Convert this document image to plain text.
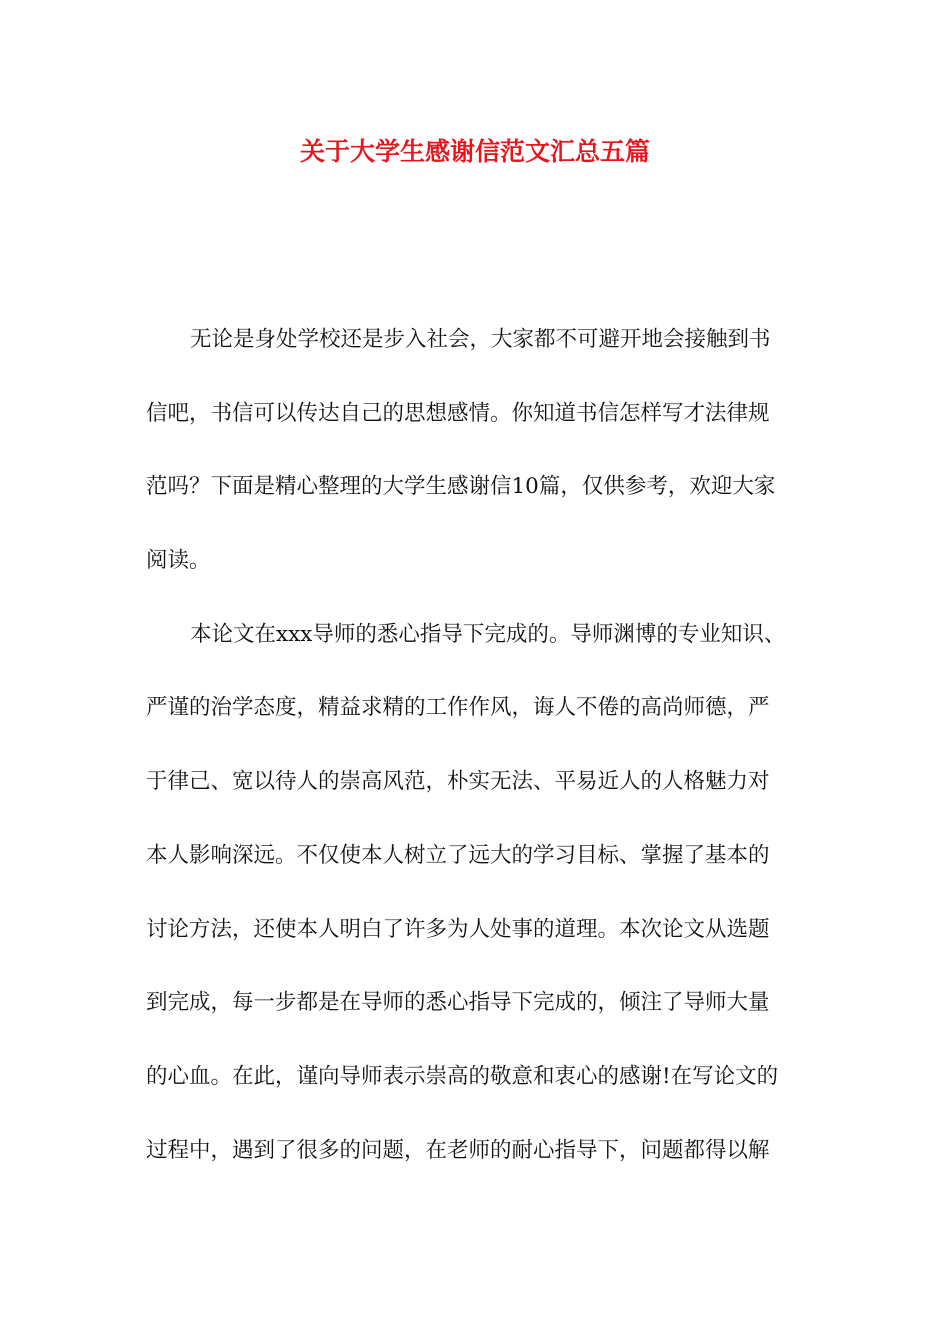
关于大学生感谢信范文汇总五篇
无论是身处学校还是步入社会，大家都不可避开地会接触到书
信吧，书信可以传达自己的思想感情。你知道书信怎样写才法律规
范吗？下面是精心整理的大学生感谢信10篇，仅供参考，欢迎大家
阅读。
本论文在xxx导师的悉心指导下完成的。导师渊博的专业知识、
严谨的治学态度，精益求精的工作作风，诲人不倦的高尚师德，严
于律己、宽以待人的崇高风范，朴实无法、平易近人的人格魅力对
本人影响深远。不仅使本人树立了远大的学习目标、掌握了基本的
讨论方法，还使本人明白了许多为人处事的道理。本次论文从选题
到完成，每一步都是在导师的悉心指导下完成的，倾注了导师大量
的心血。在此，谨向导师表示崇高的敬意和衷心的感谢!在写论文的
过程中，遇到了很多的问题，在老师的耐心指导下，问题都得以解
